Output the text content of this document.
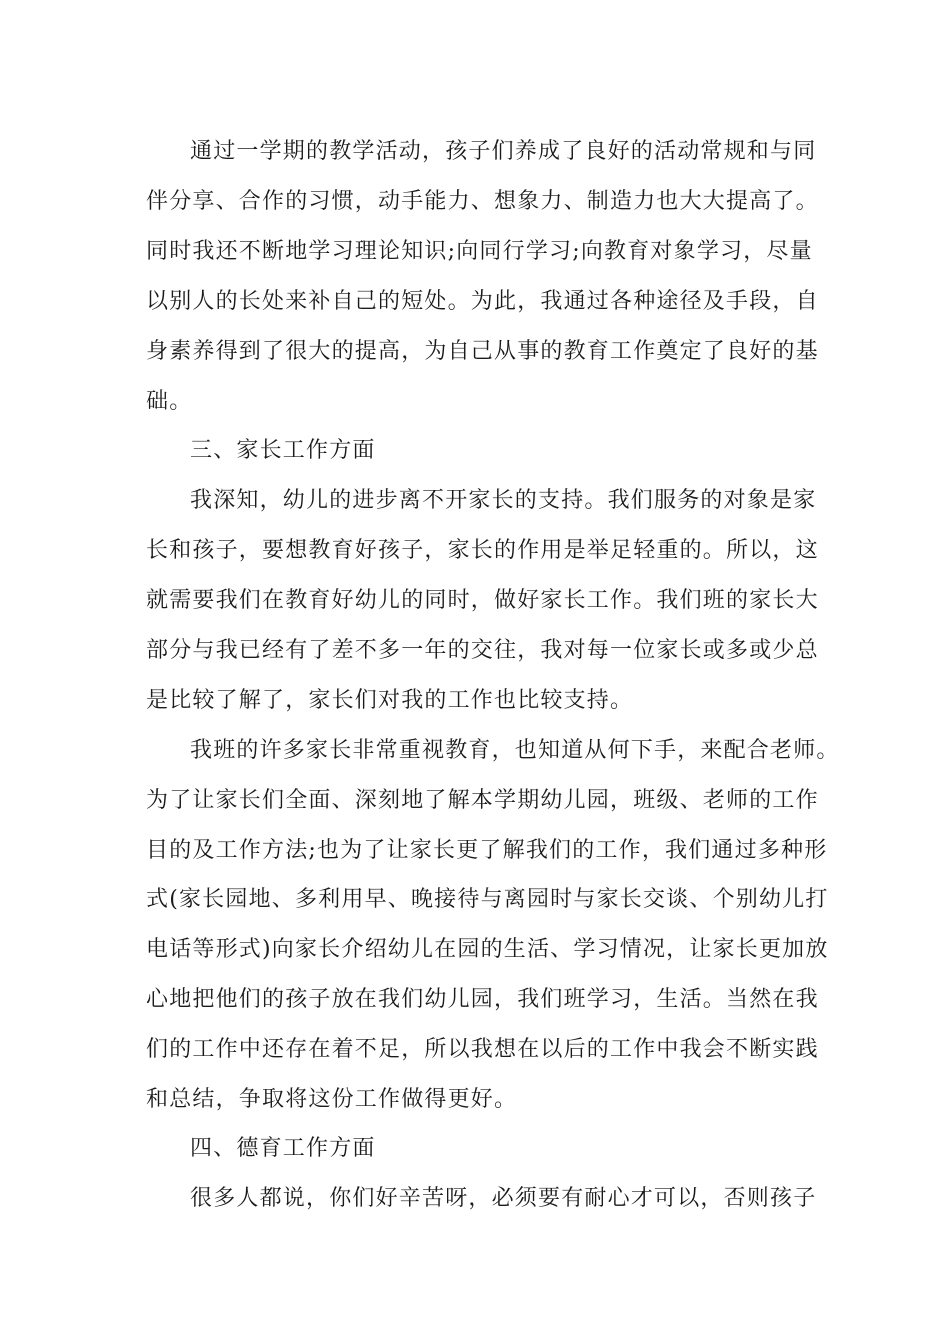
通过一学期的教学活动，孩子们养成了良好的活动常规和与同

伴分享、合作的习惯，动手能力、想象力、制造力也大大提高了。

同时我还不断地学习理论知识;向同行学习;向教育对象学习，尽量

以别人的长处来补自己的短处。为此，我通过各种途径及手段，自

身素养得到了很大的提高，为自己从事的教育工作奠定了良好的基

础。

三、家长工作方面

我深知，幼儿的进步离不开家长的支持。我们服务的对象是家

长和孩子，要想教育好孩子，家长的作用是举足轻重的。所以，这

就需要我们在教育好幼儿的同时，做好家长工作。我们班的家长大

部分与我已经有了差不多一年的交往，我对每一位家长或多或少总

是比较了解了，家长们对我的工作也比较支持。

我班的许多家长非常重视教育，也知道从何下手，来配合老师。

为了让家长们全面、深刻地了解本学期幼儿园，班级、老师的工作

目的及工作方法;也为了让家长更了解我们的工作，我们通过多种形

式(家长园地、多利用早、晚接待与离园时与家长交谈、个别幼儿打

电话等形式)向家长介绍幼儿在园的生活、学习情况，让家长更加放

心地把他们的孩子放在我们幼儿园，我们班学习，生活。当然在我

们的工作中还存在着不足，所以我想在以后的工作中我会不断实践

和总结，争取将这份工作做得更好。

四、德育工作方面

很多人都说，你们好辛苦呀，必须要有耐心才可以，否则孩子
